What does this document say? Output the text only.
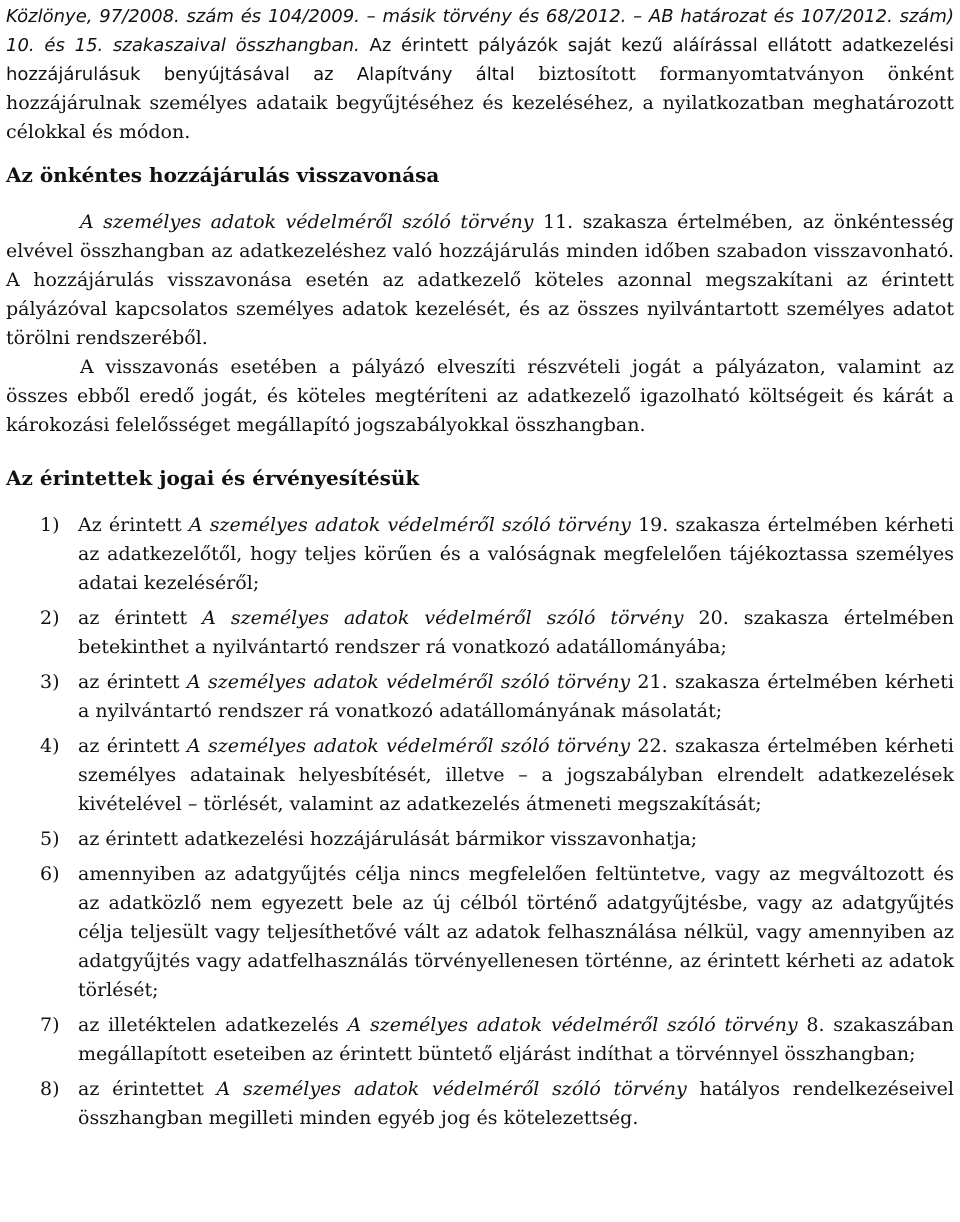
Közlönye, 97/2008. szám és 104/2009. – másik törvény és 68/2012. – AB határozat és 107/2012. szám) 10. és 15. szakaszaival összhangban. Az érintett pályázók saját kezű aláírással ellátott adatkezelési hozzájárulásuk benyújtásával az Alapítvány által biztosított formanyomtatványon önként hozzájárulnak személyes adataik begyűjtéséhez és kezeléséhez, a nyilatkozatban meghatározott célokkal és módon.

Az önkéntes hozzájárulás visszavonása

A személyes adatok védelméről szóló törvény 11. szakasza értelmében, az önkéntesség elvével összhangban az adatkezeléshez való hozzájárulás minden időben szabadon visszavonható. A hozzájárulás visszavonása esetén az adatkezelő köteles azonnal megszakítani az érintett pályázóval kapcsolatos személyes adatok kezelését, és az összes nyilvántartott személyes adatot törölni rendszeréből.

A visszavonás esetében a pályázó elveszíti részvételi jogát a pályázaton, valamint az összes ebből eredő jogát, és köteles megtéríteni az adatkezelő igazolható költségeit és kárát a károkozási felelősséget megállapító jogszabályokkal összhangban.

Az érintettek jogai és érvényesítésük
1) Az érintett A személyes adatok védelméről szóló törvény 19. szakasza értelmében kérheti az adatkezelőtől, hogy teljes körűen és a valóságnak megfelelően tájékoztassa személyes adatai kezeléséről;
2) az érintett A személyes adatok védelméről szóló törvény 20. szakasza értelmében betekinthet a nyilvántartó rendszer rá vonatkozó adatállományába;
3) az érintett A személyes adatok védelméről szóló törvény 21. szakasza értelmében kérheti a nyilvántartó rendszer rá vonatkozó adatállományának másolatát;
4) az érintett A személyes adatok védelméről szóló törvény 22. szakasza értelmében kérheti személyes adatainak helyesbítését, illetve – a jogszabályban elrendelt adatkezelések kivételével – törlését, valamint az adatkezelés átmeneti megszakítását;
5) az érintett adatkezelési hozzájárulását bármikor visszavonhatja;
6) amennyiben az adatgyűjtés célja nincs megfelelően feltüntetve, vagy az megváltozott és az adatközlő nem egyezett bele az új célból történő adatgyűjtésbe, vagy az adatgyűjtés célja teljesült vagy teljesíthetővé vált az adatok felhasználása nélkül, vagy amennyiben az adatgyűjtés vagy adatfelhasználás törvényellenesen történne, az érintett kérheti az adatok törlését;
7) az illetéktelen adatkezelés A személyes adatok védelméről szóló törvény 8. szakaszában megállapított eseteiben az érintett büntető eljárást indíthat a törvénnyel összhangban;
8) az érintettet A személyes adatok védelméről szóló törvény hatályos rendelkezéseivel összhangban megilleti minden egyéb jog és kötelezettség.
